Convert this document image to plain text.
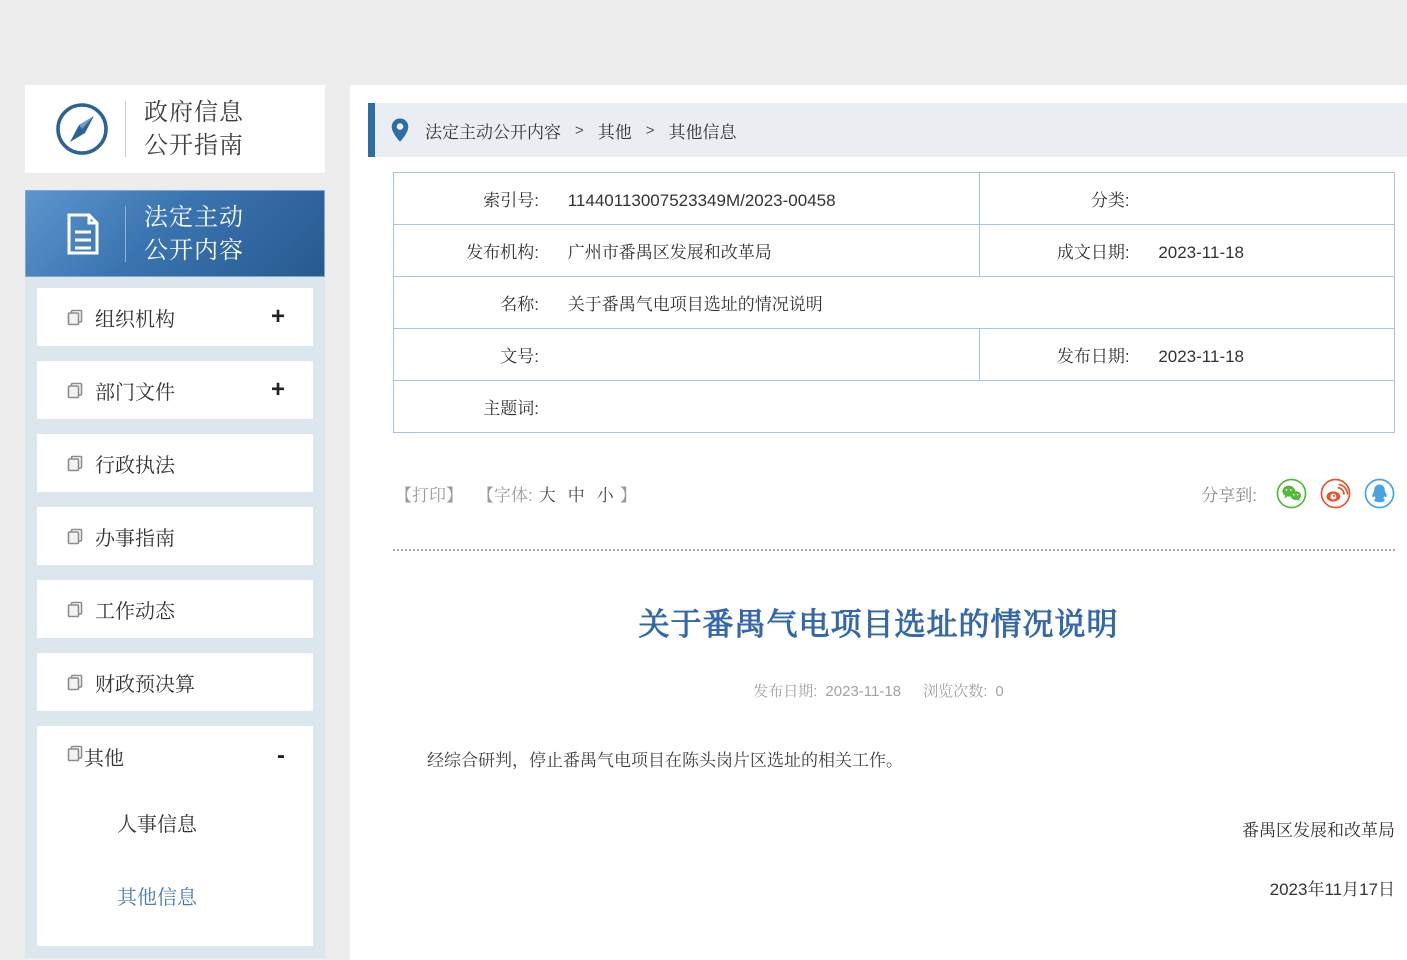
政府信息
公开指南
法定主动
公开内容
组织机构	+
部门文件	+
行政执法
办事指南
工作动态
财政预决算
其他	-
人事信息
其他信息
法定主动公开内容 > 其他 > 其他信息
索引号: 11440113007523349M/2023-00458	分类:
发布机构: 广州市番禺区发展和改革局	成文日期: 2023-11-18
名称: 关于番禺气电项目选址的情况说明	
文号:	发布日期: 2023-11-18
主题词:	
【打印】 【字体: 大 中 小 】	分享到:
关于番禺气电项目选址的情况说明
发布日期: 2023-11-18 浏览次数: 0

经综合研判，停止番禺气电项目在陈头岗片区选址的相关工作。

番禺区发展和改革局
2023年11月17日
